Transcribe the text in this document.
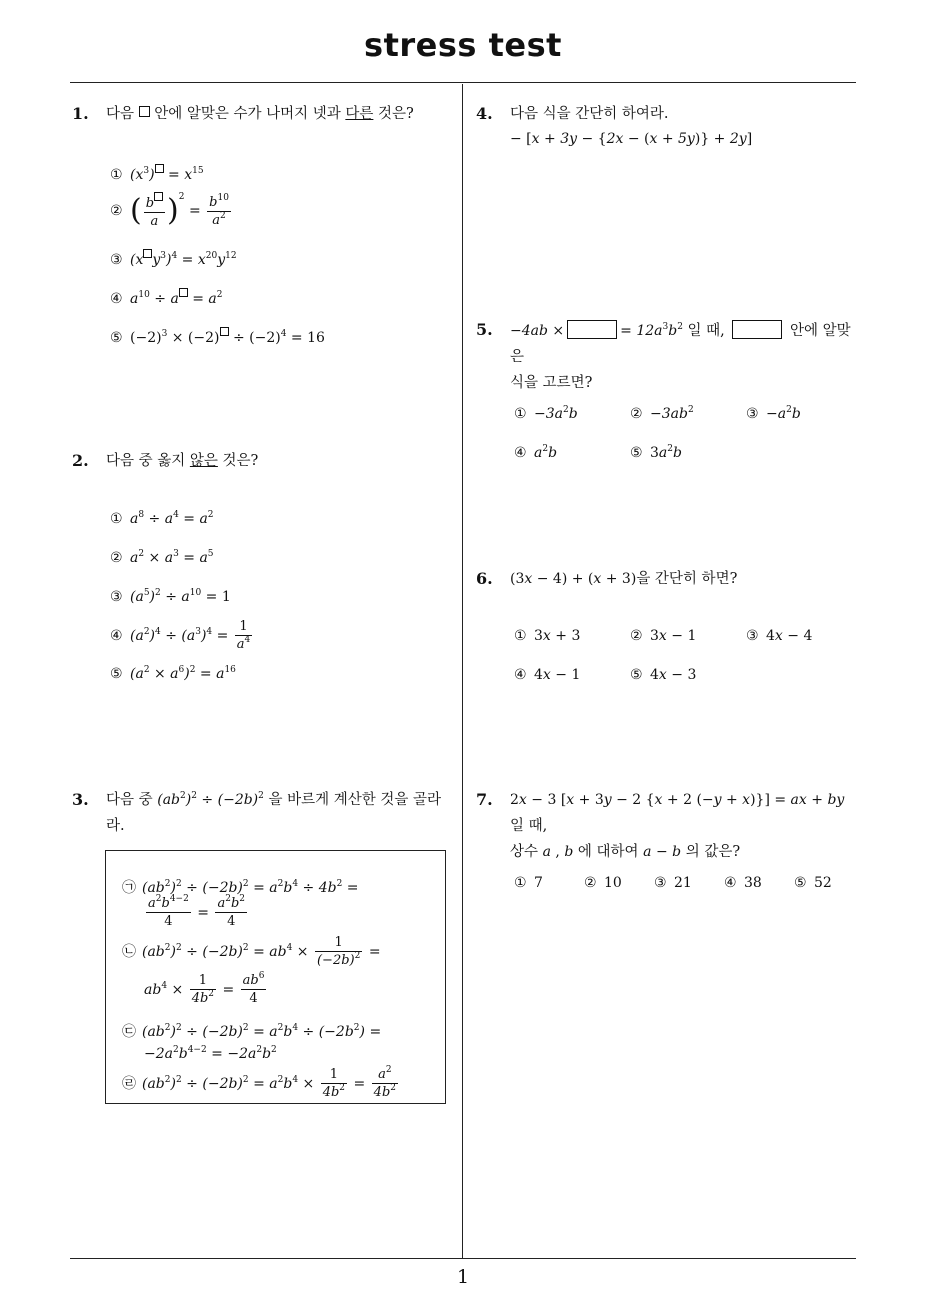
stress test
1
1. 다음 안에 알맞은 수가 나머지 넷과 다른 것은?
① $(x^3) = x^{15}$
② ( $\frac{b}{a} )^2 = \frac{b^{10}}{a^2}$
③ (x $y^3)^4 = x^{20}y^{12}$
④ $a^{10} \div a = a^2$
⑤ $(-2)^3 \times (-2) \div (-2)^4 = 16$
2. 다음 중 옳지 않은 것은?
① $a^8 \div a^4 = a^2$
② $a^2 \times a^3 = a^5$
③ $(a^5)^2 \div a^{10} = 1$
④ $(a^2)^4 \div (a^3)^4 = \frac{1}{a^4}$
⑤ $(a^2 \times a^6)^2 = a^{16}$
3. 다음 중 $(ab^2)^2 \div (-2b)^2$ 을 바르게 계산한 것을 골라
라.
㉠ $(ab^2)^2 \div (-2b)^2 = a^2b^4 \div 4b^2$ =
$\frac{a^2b^{4-2}}{4} = \frac{a^2b^2}{4}$
㉡ $(ab^2)^2 \div (-2b)^2 = ab^4 \times \frac{1}{(-2b)^2}$ =
$ab^4 \times \frac{1}{4b^2} = \frac{ab^6}{4}$
㉢ $(ab^2)^2 \div (-2b)^2 = a^2b^4 \div (-2b^2)$ =
$-2a^2b^{4-2} = -2a^2b^2$
㉣ $(ab^2)^2 \div (-2b)^2 = a^2b^4 \times \frac{1}{4b^2} = \frac{a^2}{4b^2}$
4. 다음 식을 간단히 하여라.
− [x + 3y − {2x − (x + 5y)} + 2y]
5. −4ab ×	= $12a^3b^2$ 일 때,	안에 알맞은
식을 고르면?
① $-3a^2b$	② $-3ab^2$	③ $-a^2b$
④ $a^2b$	⑤ $3a^2b$
6. (3x − 4) + (x + 3)을 간단히 하면?
① 3x + 3	② 3x − 1	③ 4x − 4
④ 4x − 1	⑤ 4x − 3
7. 2x − 3 [x + 3y − 2 {x + 2 (−y + x)}] = ax + by 일 때,
상수 a , b 에 대하여 a − b 의 값은?
① 7	② 10 ③ 21 ④ 38 ⑤ 52
